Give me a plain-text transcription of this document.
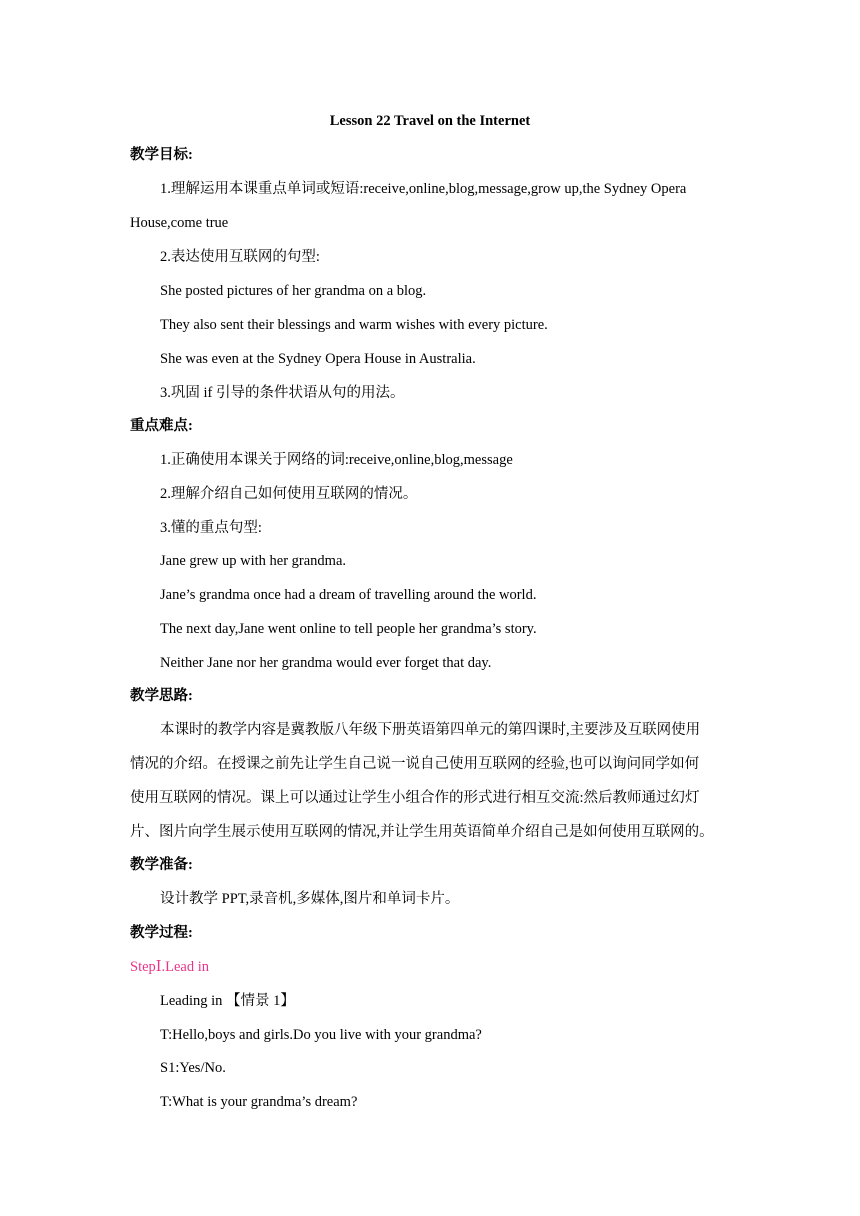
Lesson 22 Travel on the Internet
教学目标:
1.理解运用本课重点单词或短语:receive,online,blog,message,grow up,the Sydney Opera
House,come true
2.表达使用互联网的句型:
She posted pictures of her grandma on a blog.
They also sent their blessings and warm wishes with every picture.
She was even at the Sydney Opera House in Australia.
3.巩固 if 引导的条件状语从句的用法。
重点难点:
1.正确使用本课关于网络的词:receive,online,blog,message
2.理解介绍自己如何使用互联网的情况。
3.懂的重点句型:
Jane grew up with her grandma.
Jane’s grandma once had a dream of travelling around the world.
The next day,Jane went online to tell people her grandma’s story.
Neither Jane nor her grandma would ever forget that day.
教学思路:
本课时的教学内容是冀教版八年级下册英语第四单元的第四课时,主要涉及互联网使用
情况的介绍。在授课之前先让学生自己说一说自己使用互联网的经验,也可以询问同学如何
使用互联网的情况。课上可以通过让学生小组合作的形式进行相互交流:然后教师通过幻灯
片、图片向学生展示使用互联网的情况,并让学生用英语简单介绍自己是如何使用互联网的。
教学准备:
设计教学 PPT,录音机,多媒体,图片和单词卡片。
教学过程:
StepⅠ.Lead in
Leading in 【情景 1】
T:Hello,boys and girls.Do you live with your grandma?
S1:Yes/No.
T:What is your grandma’s dream?
